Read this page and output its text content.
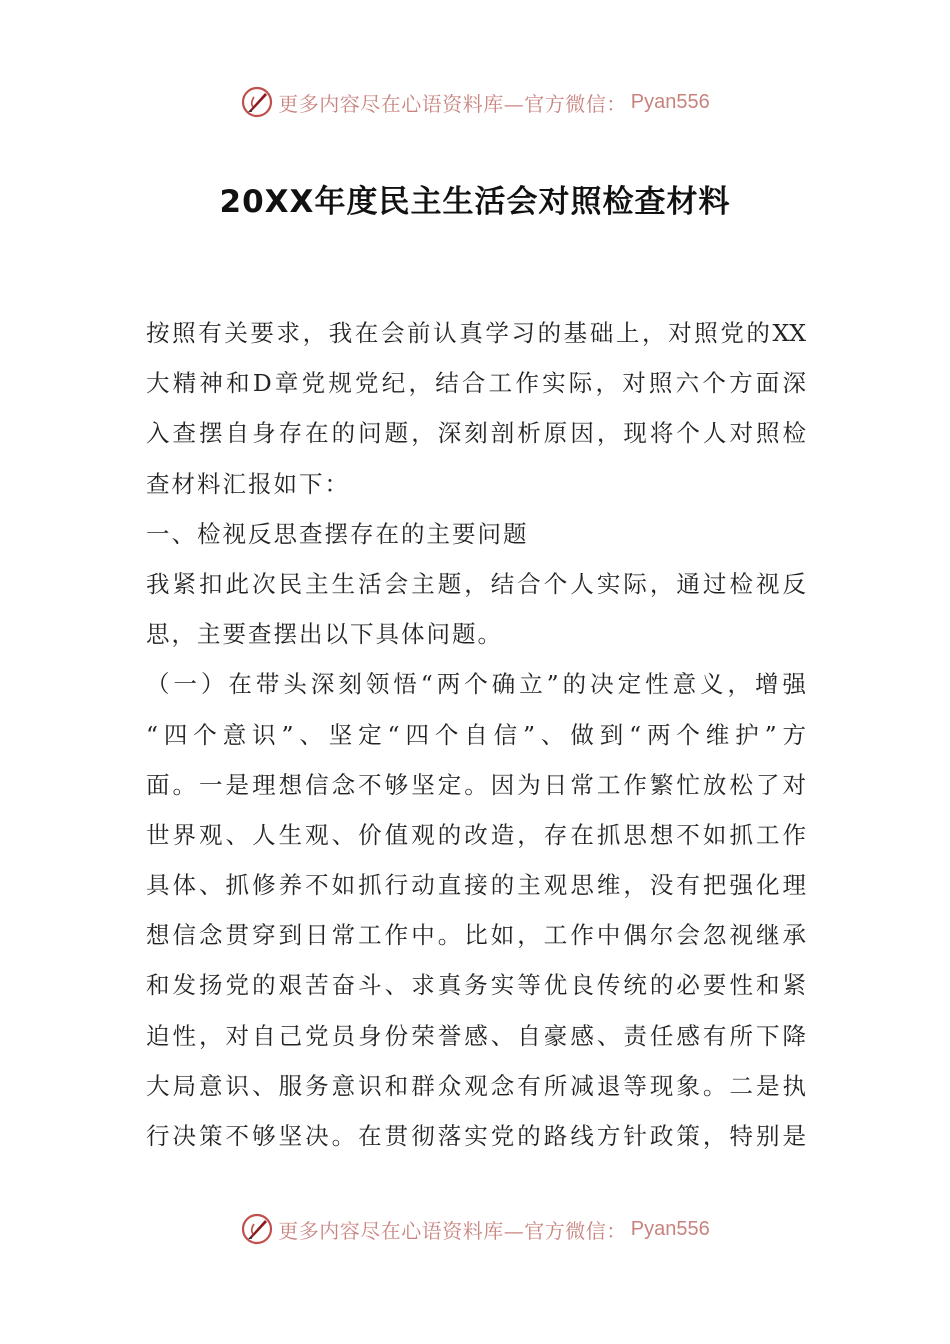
更多内容尽在心语资料库—官方微信： Pyan556
20XX年度民主生活会对照检查材料
按照有关要求，我在会前认真学习的基础上，对照党的XX
大精神和D章党规党纪，结合工作实际，对照六个方面深
入查摆自身存在的问题，深刻剖析原因，现将个人对照检
查材料汇报如下：
一、检视反思查摆存在的主要问题
我紧扣此次民主生活会主题，结合个人实际，通过检视反
思，主要查摆出以下具体问题。
（一）在带头深刻领悟“两个确立”的决定性意义，增强
“四个意识”、坚定“四个自信”、做到“两个维护”方
面。一是理想信念不够坚定。因为日常工作繁忙放松了对
世界观、人生观、价值观的改造，存在抓思想不如抓工作
具体、抓修养不如抓行动直接的主观思维，没有把强化理
想信念贯穿到日常工作中。比如，工作中偶尔会忽视继承
和发扬党的艰苦奋斗、求真务实等优良传统的必要性和紧
迫性，对自己党员身份荣誉感、自豪感、责任感有所下降
大局意识、服务意识和群众观念有所减退等现象。二是执
行决策不够坚决。在贯彻落实党的路线方针政策，特别是
更多内容尽在心语资料库—官方微信： Pyan556
